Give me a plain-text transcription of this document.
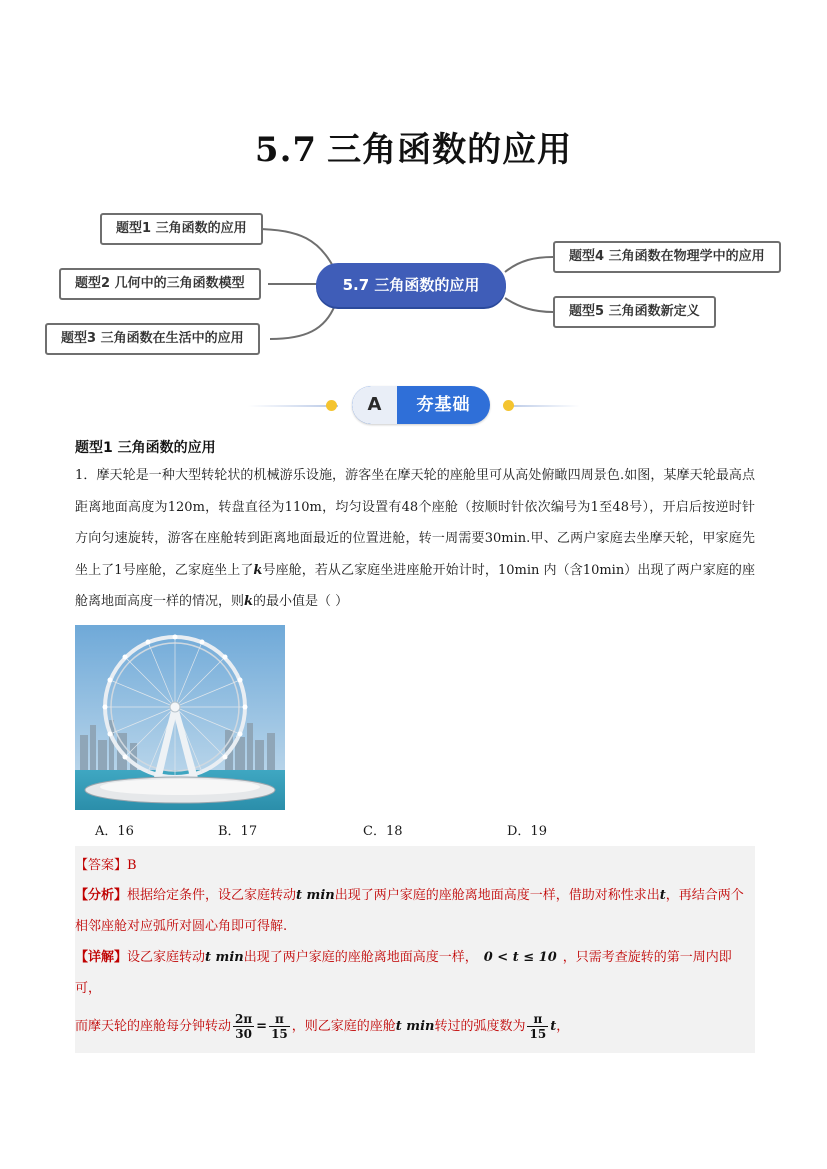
5.7 三角函数的应用
题型1 三角函数的应用
题型2 几何中的三角函数模型
题型3 三角函数在生活中的应用
5.7 三角函数的应用
题型4 三角函数在物理学中的应用
题型5 三角函数新定义
A	夯基础
题型1 三角函数的应用
1．摩天轮是一种大型转轮状的机械游乐设施，游客坐在摩天轮的座舱里可从高处俯瞰四周景色.如图，某摩天轮最高点距离地面高度为120m，转盘直径为110m，均匀设置有48个座舱（按顺时针依次编号为1至48号），开启后按逆时针方向匀速旋转，游客在座舱转到距离地面最近的位置进舱，转一周需要30min.甲、乙两户家庭去坐摩天轮，甲家庭先坐上了1号座舱，乙家庭坐上了k号座舱，若从乙家庭坐进座舱开始计时，10min 内（含10min）出现了两户家庭的座舱离地面高度一样的情况，则k的最小值是（ ）
A．16	B．17	C．18	D．19

【答案】B

【分析】根据给定条件，设乙家庭转动t min出现了两户家庭的座舱离地面高度一样，借助对称性求出t，再结合两个相邻座舱对应弧所对圆心角即可得解.

【详解】设乙家庭转动t min出现了两户家庭的座舱离地面高度一样， 0 < t ≤ 10 ，只需考查旋转的第一周内即可，

而摩天轮的座舱每分钟转动 $\frac{2\pi}{30} = \frac{\pi}{15}$ ，则乙家庭的座舱t min转过的弧度数为 $\frac{\pi}{15}$ t，
